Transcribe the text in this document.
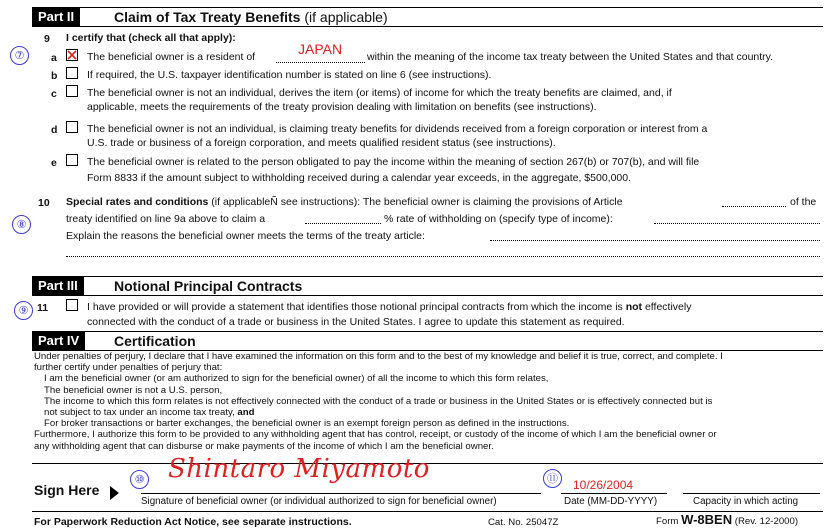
Part II	Claim of Tax Treaty Benefits (if applicable)
⑦
9 I certify that (check all that apply):
a	The beneficial owner is a resident of	JAPAN within the meaning of the income tax treaty between the United States and that country.
b	If required, the U.S. taxpayer identification number is stated on line 6 (see instructions).
c	The beneficial owner is not an individual, derives the item (or items) of income for which the treaty benefits are claimed, and, if
applicable, meets the requirements of the treaty provision dealing with limitation on benefits (see instructions).
d	The beneficial owner is not an individual, is claiming treaty benefits for dividends received from a foreign corporation or interest from a
U.S. trade or business of a foreign corporation, and meets qualified resident status (see instructions).
e	The beneficial owner is related to the person obligated to pay the income within the meaning of section 267(b) or 707(b), and will file
Form 8833 if the amount subject to withholding received during a calendar year exceeds, in the aggregate, $500,000.
⑧
10 Special rates and conditions (if applicableÑ see instructions): The beneficial owner is claiming the provisions of Article	of the
treaty identified on line 9a above to claim a	% rate of withholding on (specify type of income):
Explain the reasons the beneficial owner meets the terms of the treaty article:
Part III	Notional Principal Contracts
⑨ 11	I have provided or will provide a statement that identifies those notional principal contracts from which the income is not effectively
connected with the conduct of a trade or business in the United States. I agree to update this statement as required.
Part IV	Certification

Under penalties of perjury, I declare that I have examined the information on this form and to the best of my knowledge and belief it is true, correct, and complete. I

further certify under penalties of perjury that:

I am the beneficial owner (or am authorized to sign for the beneficial owner) of all the income to which this form relates,

The beneficial owner is not a U.S. person,

The income to which this form relates is not effectively connected with the conduct of a trade or business in the United States or is effectively connected but is

not subject to tax under an income tax treaty, and

For broker transactions or barter exchanges, the beneficial owner is an exempt foreign person as defined in the instructions.

Furthermore, I authorize this form to be provided to any withholding agent that has control, receipt, or custody of the income of which I am the beneficial owner or

any withholding agent that can disburse or make payments of the income of which I am the beneficial owner.

Sign Here
⑩ Shintaro Miyamoto
Signature of beneficial owner (or individual authorized to sign for beneficial owner)
⑪	10/26/2004
Date (MM-DD-YYYY)	Capacity in which acting
For Paperwork Reduction Act Notice, see separate instructions.	Cat. No. 25047Z	Form W-8BEN (Rev. 12-2000)
